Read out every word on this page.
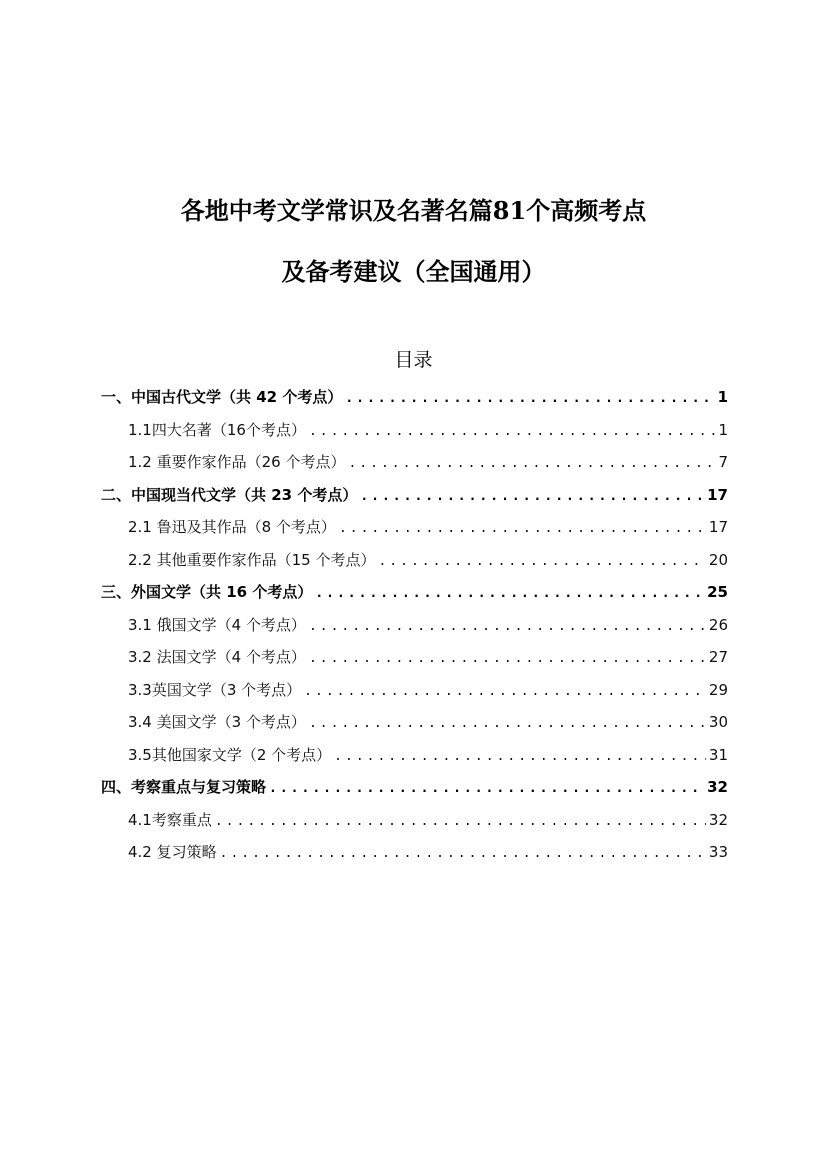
各地中考文学常识及名著名篇81个高频考点
及备考建议（全国通用）
目录
一、中国古代文学（共 42 个考点） .....	1
1.1四大名著（16个考点） .....	1
1.2 重要作家作品（26 个考点） .....	7
二、中国现当代文学（共 23 个考点） .....	17
2.1 鲁迅及其作品（8 个考点） .....	17
2.2 其他重要作家作品（15 个考点） .....	20
三、外国文学（共 16 个考点） .....	25
3.1 俄国文学（4 个考点） .....	26
3.2 法国文学（4 个考点） .....	27
3.3英国文学（3 个考点） .....	29
3.4 美国文学（3 个考点） .....	30
3.5其他国家文学（2 个考点） .....	31
四、考察重点与复习策略 .....	32
4.1考察重点 .....	32
4.2 复习策略 .....	33
